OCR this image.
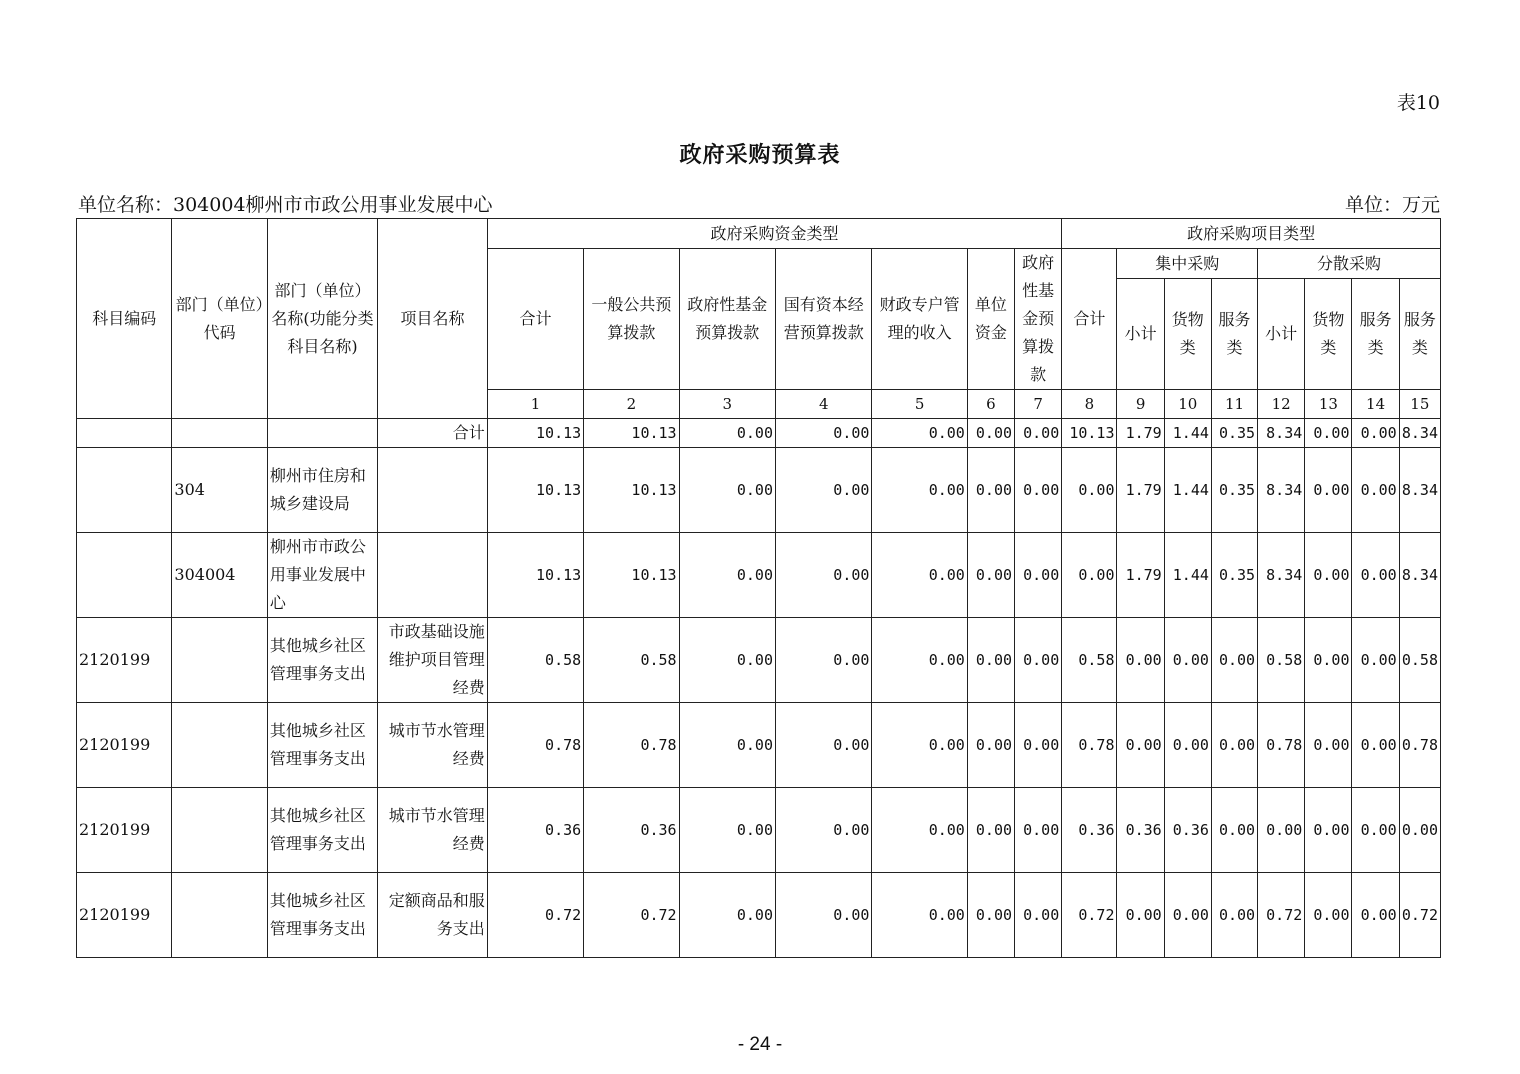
表10
政府采购预算表
单位名称：304004柳州市市政公用事业发展中心	单位：万元
科目编码	部门（单位）代码	部门（单位）名称(功能分类科目名称)	项目名称	政府采购资金类型							政府采购项目类型							
				合计	一般公共预算拨款	政府性基金预算拨款	国有资本经营预算拨款	财政专户管理的收入	单位资金	政府性基金预算拨款	合计	集中采购			分散采购			
												小计	货物类	服务类	小计	货物类	服务类	服务类
				1	2	3	4	5	6	7	8	9	10	11	12	13	14	15
			合计	10.13	10.13	0.00	0.00	0.00	0.00	0.00	10.13	1.79	1.44	0.35	8.34	0.00	0.00	8.34
	304	柳州市住房和城乡建设局		10.13	10.13	0.00	0.00	0.00	0.00	0.00	0.00	1.79	1.44	0.35	8.34	0.00	0.00	8.34
	304004	柳州市市政公用事业发展中心		10.13	10.13	0.00	0.00	0.00	0.00	0.00	0.00	1.79	1.44	0.35	8.34	0.00	0.00	8.34
2120199		其他城乡社区管理事务支出	市政基础设施维护项目管理经费	0.58	0.58	0.00	0.00	0.00	0.00	0.00	0.58	0.00	0.00	0.00	0.58	0.00	0.00	0.58
2120199		其他城乡社区管理事务支出	城市节水管理经费	0.78	0.78	0.00	0.00	0.00	0.00	0.00	0.78	0.00	0.00	0.00	0.78	0.00	0.00	0.78
2120199		其他城乡社区管理事务支出	城市节水管理经费	0.36	0.36	0.00	0.00	0.00	0.00	0.00	0.36	0.36	0.36	0.00	0.00	0.00	0.00	0.00
2120199		其他城乡社区管理事务支出	定额商品和服务支出	0.72	0.72	0.00	0.00	0.00	0.00	0.00	0.72	0.00	0.00	0.00	0.72	0.00	0.00	0.72
- 24 -
